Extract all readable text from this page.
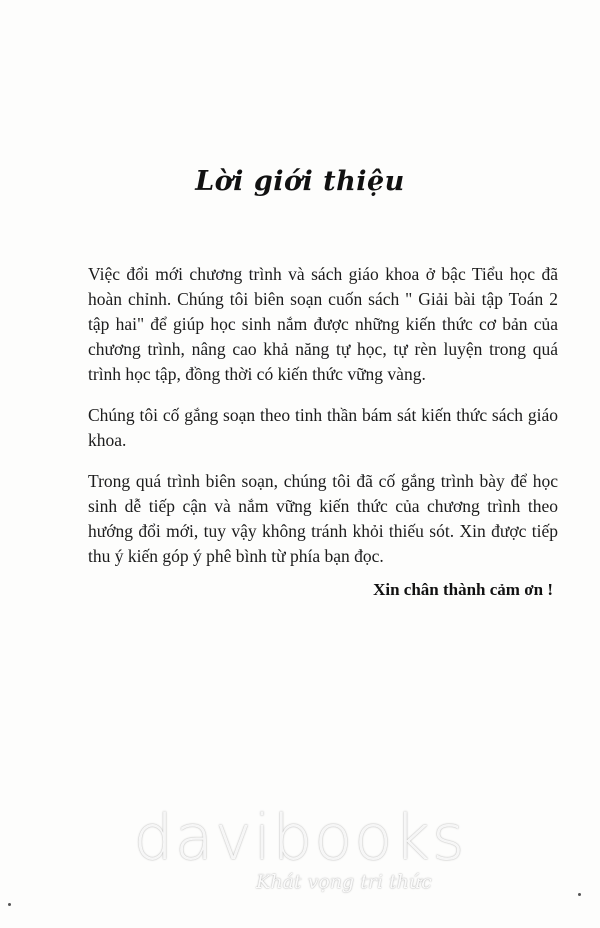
Lời giới thiệu

Việc đổi mới chương trình và sách giáo khoa ở bậc Tiểu học đã hoàn chỉnh. Chúng tôi biên soạn cuốn sách " Giải bài tập Toán 2 tập hai" để giúp học sinh nắm được những kiến thức cơ bản của chương trình, nâng cao khả năng tự học, tự rèn luyện trong quá trình học tập, đồng thời có kiến thức vững vàng.

Chúng tôi cố gắng soạn theo tinh thần bám sát kiến thức sách giáo khoa.

Trong quá trình biên soạn, chúng tôi đã cố gắng trình bày để học sinh dễ tiếp cận và nắm vững kiến thức của chương trình theo hướng đổi mới, tuy vậy không tránh khỏi thiếu sót. Xin được tiếp thu ý kiến góp ý phê bình từ phía bạn đọc.

Xin chân thành cảm ơn !
davibooks
Khát vọng tri thức
